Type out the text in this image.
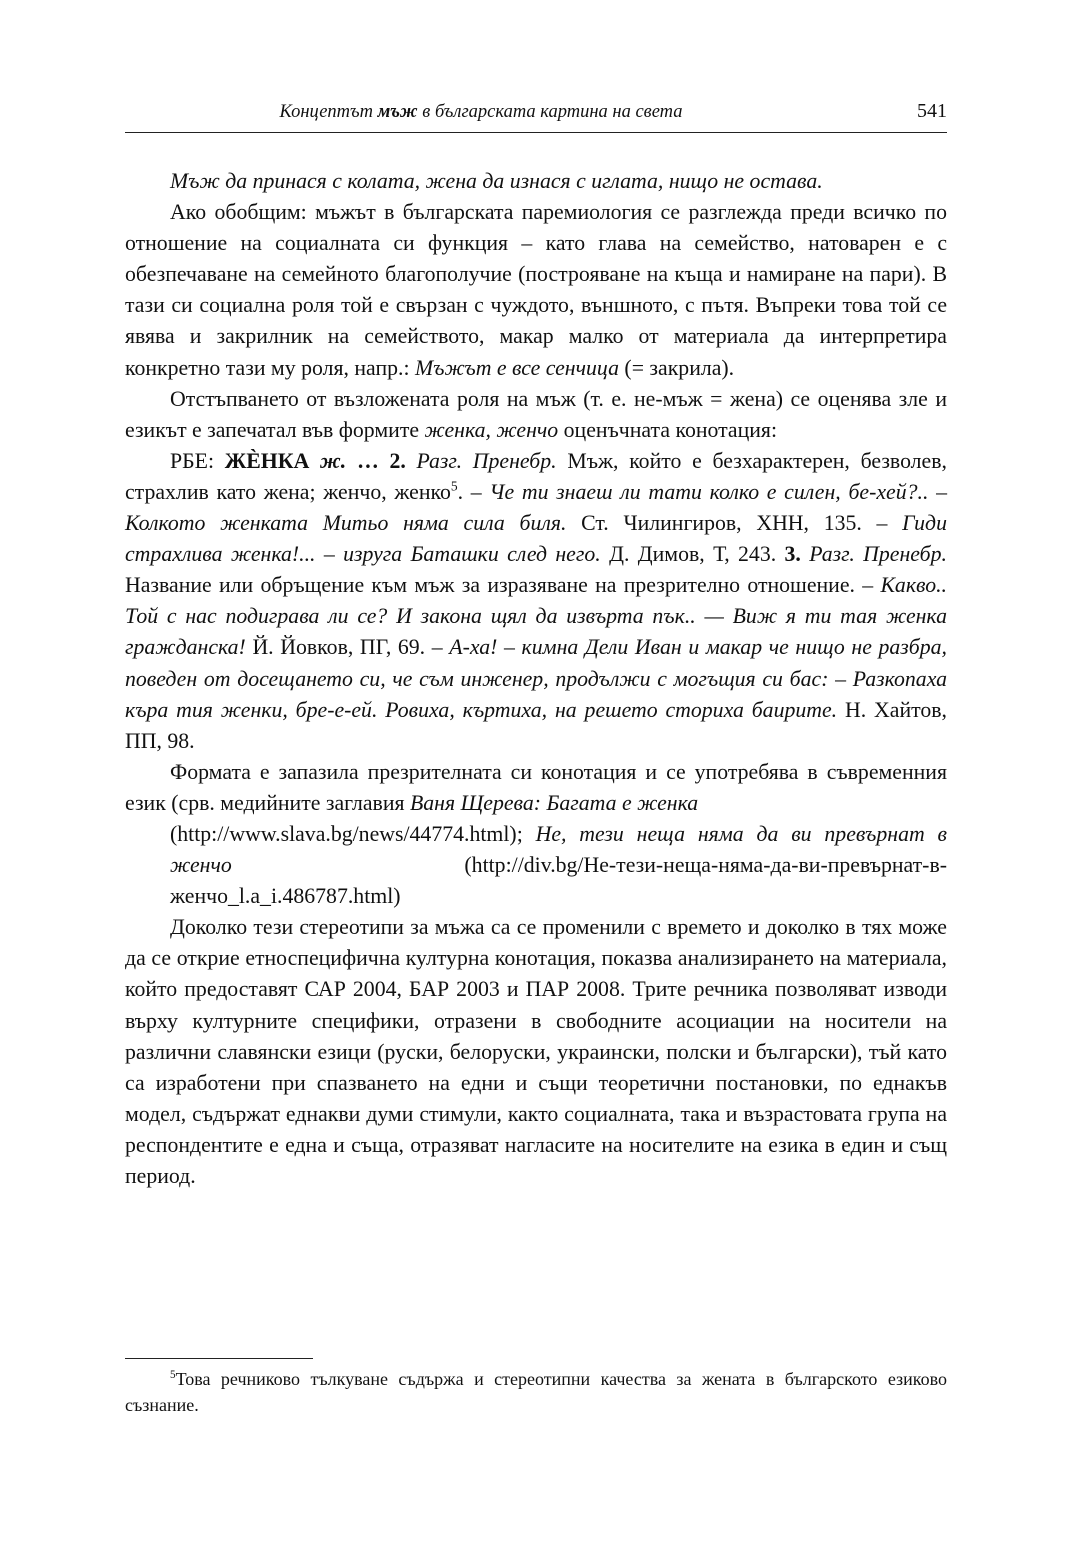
Концептът мъж в българската картина на света	541

Мъж да принася с колата, жена да изнася с иглата, нищо не остава.

Ако обобщим: мъжът в българската паремиология се разглежда преди всичко по отношение на социалната си функция – като глава на семейство, натоварен е с обезпечаване на семейното благополучие (построяване на къща и намиране на пари). В тази си социална роля той е свързан с чуждото, външното, с пътя. Въпреки това той се явява и закрилник на семейството, макар малко от материала да интерпретира конкретно тази му роля, напр.: Мъжът е все сенчица (= закрила).

Отстъпването от възложената роля на мъж (т. е. не-мъж = жена) се оценява зле и езикът е запечатал във формите женка, женчо оценъчната конотация:

РБЕ: ЖЀНКА ж. … 2. Разг. Пренебр. Мъж, който е безхарактерен, безволев, страхлив като жена; женчо, женко$^5$. – Че ти знаеш ли тати колко е силен, бе-хей?.. – Колкото женката Митьо няма сила биля. Ст. Чилингиров, ХНН, 135. – Гиди страхлива женка!... – изруга Баташки след него. Д. Димов, Т, 243. 3. Разг. Пренебр. Название или обръщение към мъж за изразяване на презрително отношение. – Какво.. Той с нас подиграва ли се? И закона щял да извърта пък.. — Виж я ти тая женка гражданска! Й. Йовков, ПГ, 69. – А-ха! – кимна Дели Иван и макар че нищо не разбра, поведен от досещането си, че съм инженер, продължи с могъщия си бас: – Разкопаха къра тия женки, бре-е-ей. Ровиха, къртиха, на решето сториха баирите. Н. Хайтов, ПП, 98.

Формата е запазила презрителната си конотация и се употребява в съвременния език (срв. медийните заглавия Ваня Щерева: Багата е женка

(http://www.slava.bg/news/44774.html); Не, тези неща няма да ви превърнат в женчо (http://div.bg/Не-тези-неща-няма-да-ви-превърнат-в-женчо_l.a_i.486787.html)

Доколко тези стереотипи за мъжа са се променили с времето и доколко в тях може да се открие етноспецифична културна конотация, показва анализирането на материала, който предоставят САР 2004, БАР 2003 и ПАР 2008. Трите речника позволяват изводи върху културните специфики, отразени в свободните асоциации на носители на различни славянски езици (руски, белоруски, украински, полски и български), тъй като са изработени при спазването на едни и същи теоретични постановки, по еднакъв модел, съдържат еднакви думи стимули, както социалната, така и възрастовата група на респондентите е една и съща, отразяват нагласите на носителите на езика в един и същ период.

$^5$Това речниково тълкуване съдържа и стереотипни качества за жената в българското езиково съзнание.
